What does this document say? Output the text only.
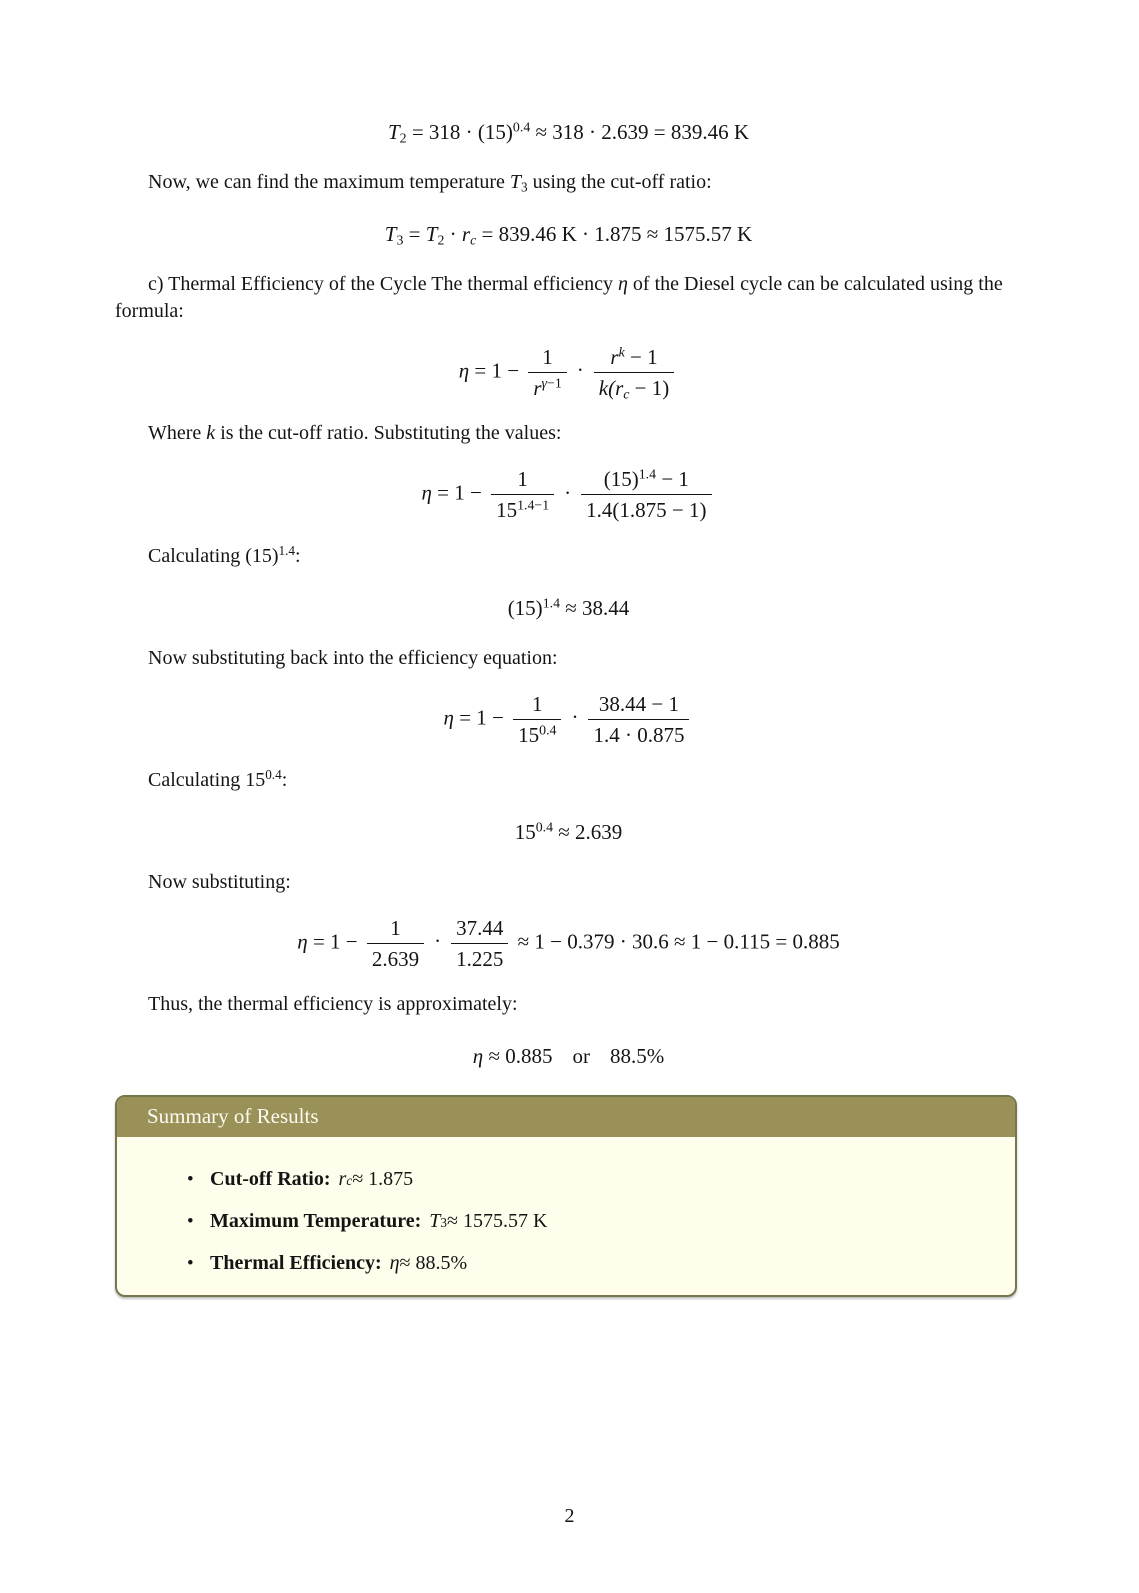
$T_2 = 318 \cdot (15)^{0.4} \approx 318 \cdot 2.639 = 839.46$ K

Now, we can find the maximum temperature $T_3$ using the cut-off ratio:

$T_3 = T_2 \cdot r_c = 839.46$ K · 1.875 ≈ 1575.57 K

c) Thermal Efficiency of the Cycle The thermal efficiency η of the Diesel cycle can be calculated using the formula:

$\eta = 1 - \frac{1}{r^{\gamma-1}} \cdot \frac{r^k - 1}{k(r_c - 1)}$

Where k is the cut-off ratio. Substituting the values:

$\eta = 1 - \frac{1}{15^{1.4-1}} \cdot \frac{(15)^{1.4} - 1}{1.4(1.875 - 1)}$

Calculating $(15)^{1.4}$:

$(15)^{1.4} \approx 38.44$

Now substituting back into the efficiency equation:

$\eta = 1 - \frac{1}{15^{0.4}} \cdot \frac{38.44 - 1}{1.4 \cdot 0.875}$

Calculating $15^{0.4}$:

$15^{0.4} \approx 2.639$

Now substituting:

$\eta = 1 - \frac{1}{2.639} \cdot \frac{37.44}{1.225} \approx 1 - 0.379 \cdot 30.6 \approx 1 - 0.115 = 0.885$

Thus, the thermal efficiency is approximately:

η ≈ 0.885 or 88.5%
Summary of Results
• Cut-off Ratio: r c ≈ 1.875
• Maximum Temperature: T 3 ≈ 1575.57 K
• Thermal Efficiency: η ≈ 88.5%
2
